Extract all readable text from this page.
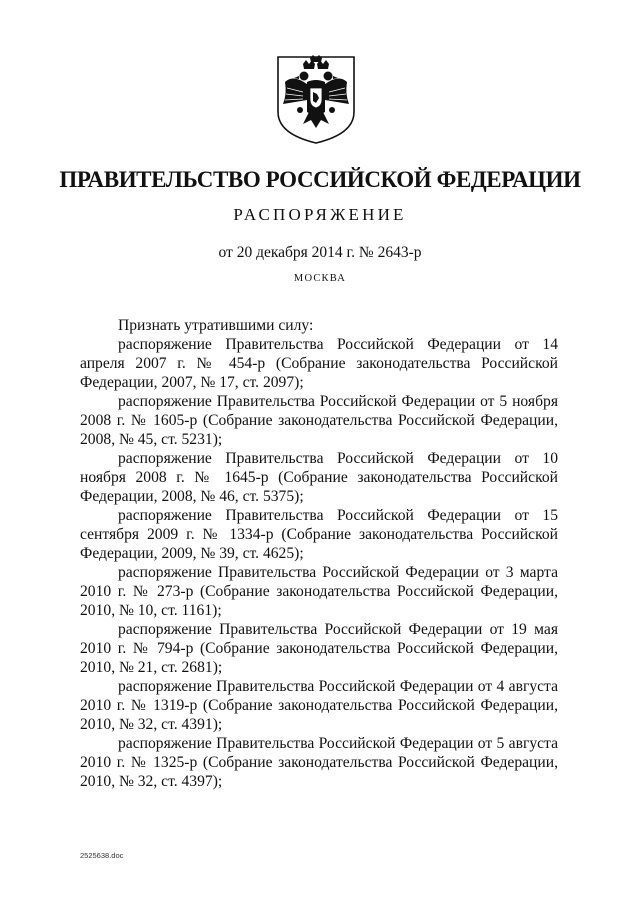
ПРАВИТЕЛЬСТВО РОССИЙСКОЙ ФЕДЕРАЦИИ
РАСПОРЯЖЕНИЕ
от 20 декабря 2014 г. № 2643-р
МОСКВА

Признать утратившими силу:

распоряжение Правительства Российской Федерации от 14 апреля 2007 г. № 454-р (Собрание законодательства Российской Федерации, 2007, № 17, ст. 2097);

распоряжение Правительства Российской Федерации от 5 ноября 2008 г. № 1605-р (Собрание законодательства Российской Федерации, 2008, № 45, ст. 5231);

распоряжение Правительства Российской Федерации от 10 ноября 2008 г. № 1645-р (Собрание законодательства Российской Федерации, 2008, № 46, ст. 5375);

распоряжение Правительства Российской Федерации от 15 сентября 2009 г. № 1334-р (Собрание законодательства Российской Федерации, 2009, № 39, ст. 4625);

распоряжение Правительства Российской Федерации от 3 марта 2010 г. № 273-р (Собрание законодательства Российской Федерации, 2010, № 10, ст. 1161);

распоряжение Правительства Российской Федерации от 19 мая 2010 г. № 794-р (Собрание законодательства Российской Федерации, 2010, № 21, ст. 2681);

распоряжение Правительства Российской Федерации от 4 августа 2010 г. № 1319-р (Собрание законодательства Российской Федерации, 2010, № 32, ст. 4391);

распоряжение Правительства Российской Федерации от 5 августа 2010 г. № 1325-р (Собрание законодательства Российской Федерации, 2010, № 32, ст. 4397);

2525638.doc
